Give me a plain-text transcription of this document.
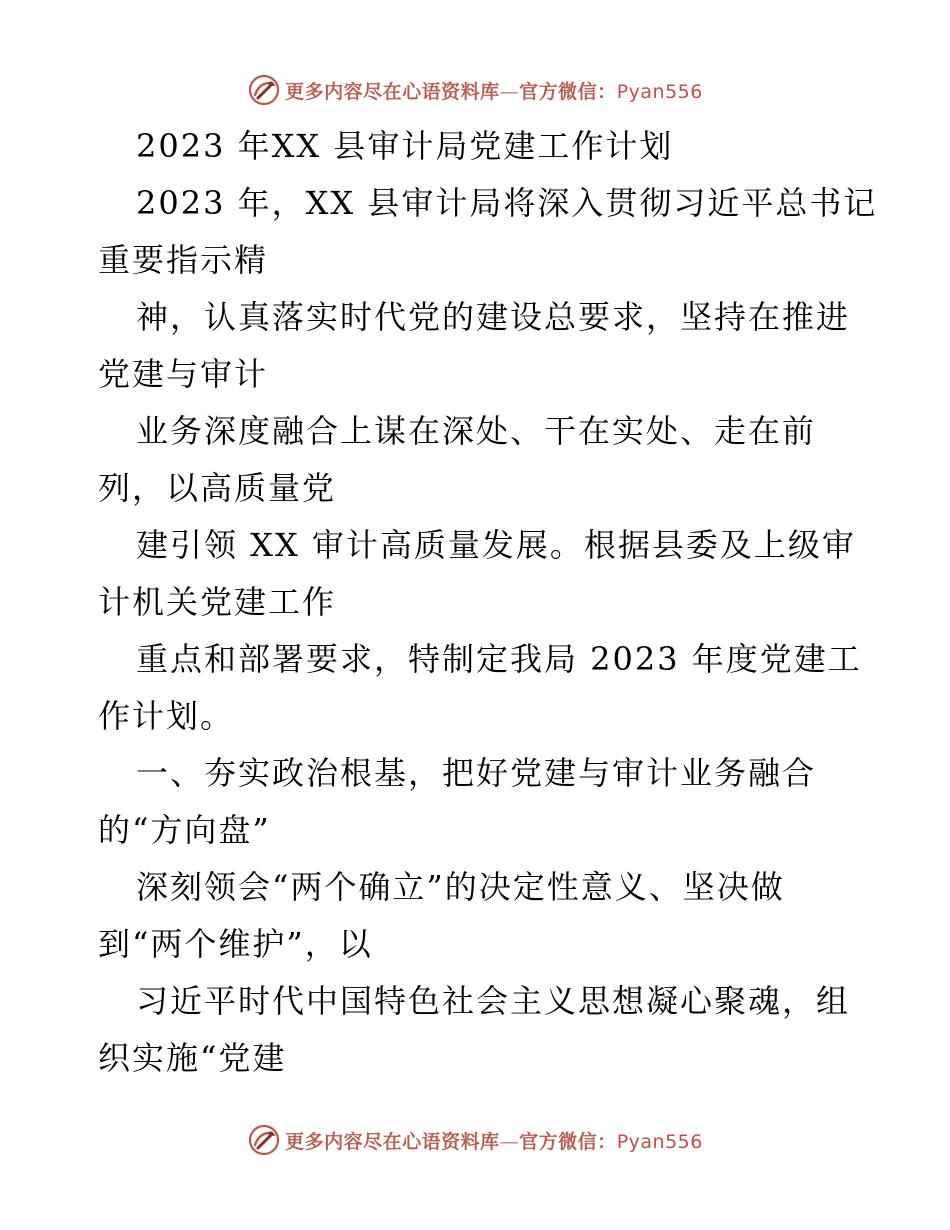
更多内容尽在心语资料库—官方微信：Pyan556
2023 年XX 县审计局党建工作计划
2023 年，XX 县审计局将深入贯彻习近平总书记
重要指示精
神，认真落实时代党的建设总要求，坚持在推进
党建与审计
业务深度融合上谋在深处、干在实处、走在前
列，以高质量党
建引领 XX 审计高质量发展。根据县委及上级审
计机关党建工作
重点和部署要求，特制定我局 2023 年度党建工
作计划。
一、夯实政治根基，把好党建与审计业务融合
的“方向盘”
深刻领会“两个确立”的决定性意义、坚决做
到“两个维护”，以
习近平时代中国特色社会主义思想凝心聚魂，组
织实施“党建
更多内容尽在心语资料库—官方微信：Pyan556
